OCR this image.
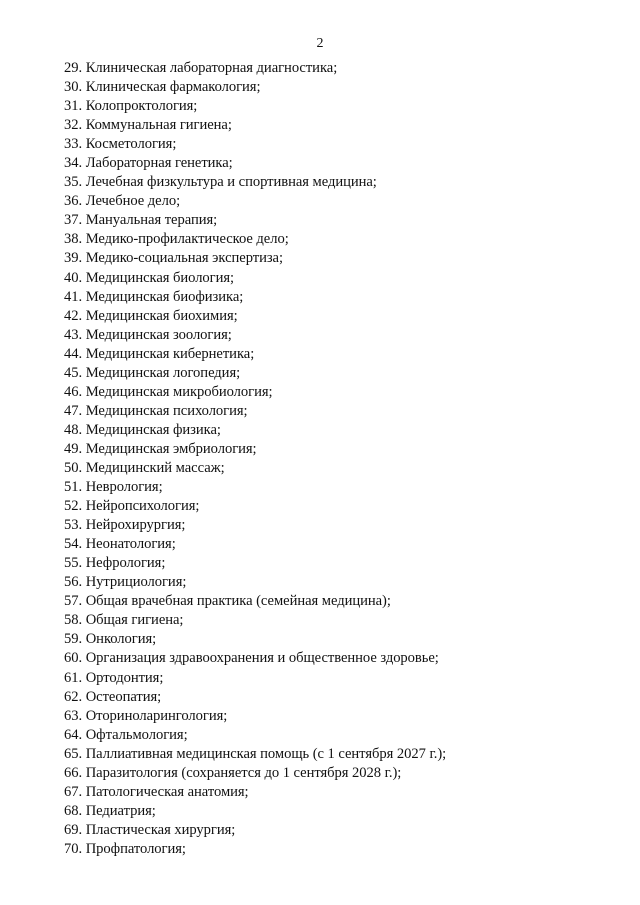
2
29. Клиническая лабораторная диагностика;
30. Клиническая фармакология;
31. Колопроктология;
32. Коммунальная гигиена;
33. Косметология;
34. Лабораторная генетика;
35. Лечебная физкультура и спортивная медицина;
36. Лечебное дело;
37. Мануальная терапия;
38. Медико-профилактическое дело;
39. Медико-социальная экспертиза;
40. Медицинская биология;
41. Медицинская биофизика;
42. Медицинская биохимия;
43. Медицинская зоология;
44. Медицинская кибернетика;
45. Медицинская логопедия;
46. Медицинская микробиология;
47. Медицинская психология;
48. Медицинская физика;
49. Медицинская эмбриология;
50. Медицинский массаж;
51. Неврология;
52. Нейропсихология;
53. Нейрохирургия;
54. Неонатология;
55. Нефрология;
56. Нутрициология;
57. Общая врачебная практика (семейная медицина);
58. Общая гигиена;
59. Онкология;
60. Организация здравоохранения и общественное здоровье;
61. Ортодонтия;
62. Остеопатия;
63. Оториноларингология;
64. Офтальмология;
65. Паллиативная медицинская помощь (с 1 сентября 2027 г.);
66. Паразитология (сохраняется до 1 сентября 2028 г.);
67. Патологическая анатомия;
68. Педиатрия;
69. Пластическая хирургия;
70. Профпатология;
